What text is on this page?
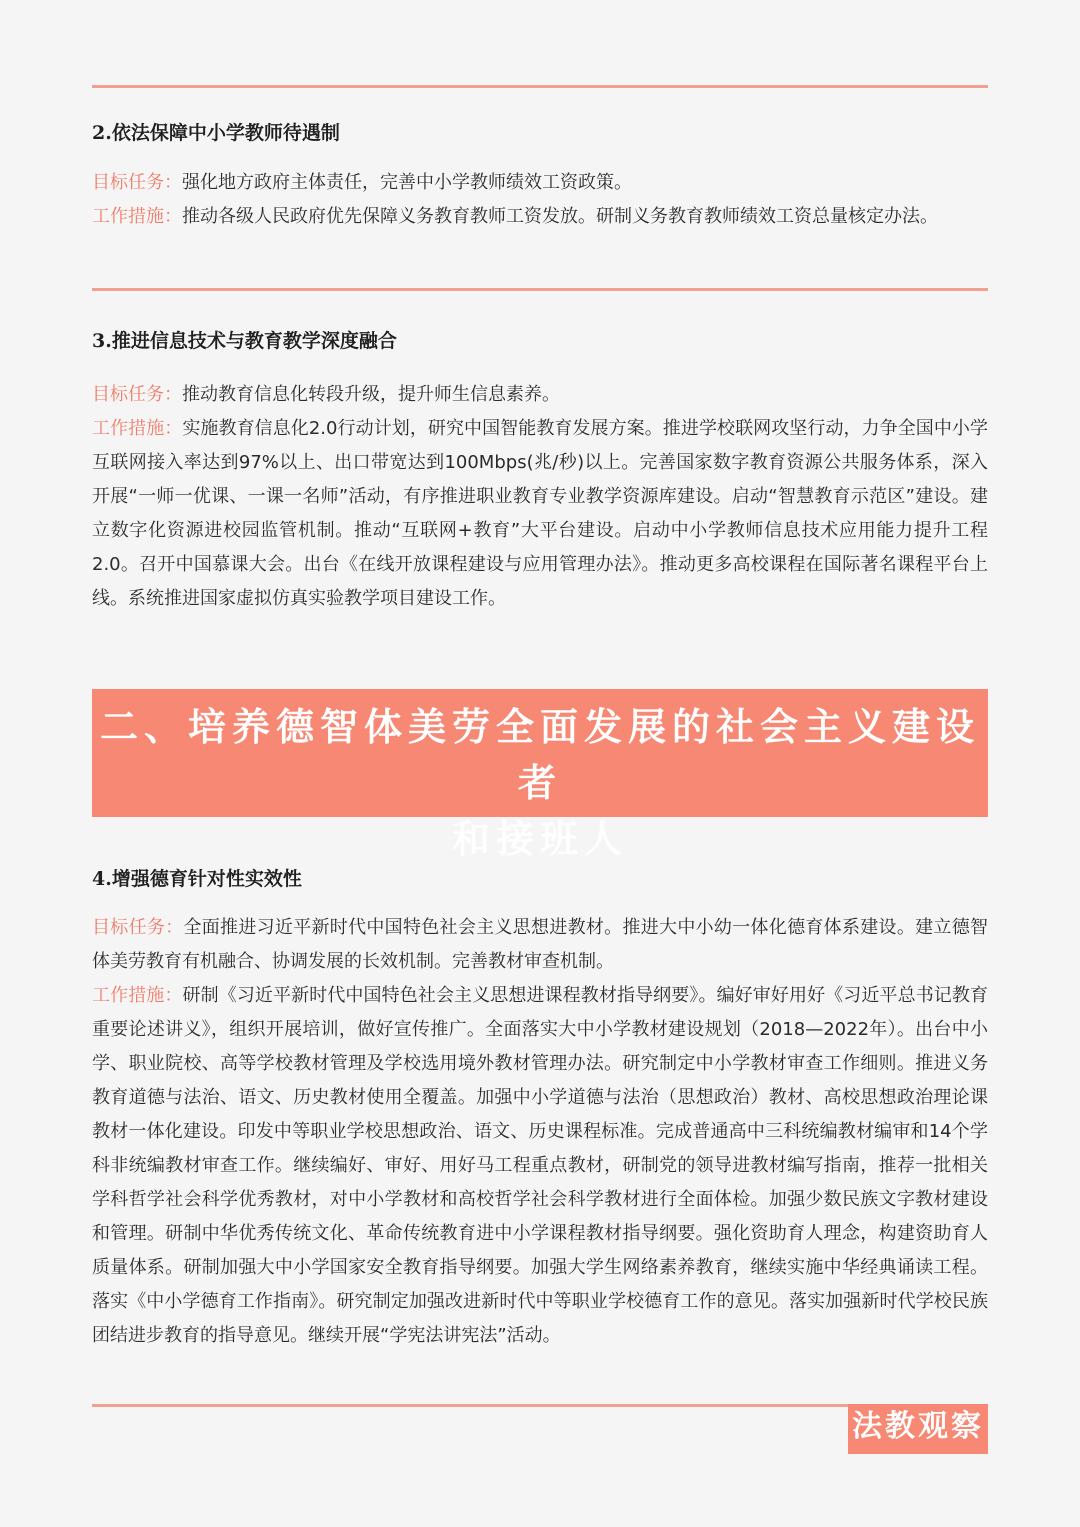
2.依法保障中小学教师待遇制
目标任务：强化地方政府主体责任，完善中小学教师绩效工资政策。
工作措施：推动各级人民政府优先保障义务教育教师工资发放。研制义务教育教师绩效工资总量核定办法。
3.推进信息技术与教育教学深度融合
目标任务：推动教育信息化转段升级，提升师生信息素养。
工作措施：实施教育信息化2.0行动计划，研究中国智能教育发展方案。推进学校联网攻坚行动，力争全国中小学互联网接入率达到97%以上、出口带宽达到100Mbps(兆/秒)以上。完善国家数字教育资源公共服务体系，深入开展“一师一优课、一课一名师”活动，有序推进职业教育专业教学资源库建设。启动“智慧教育示范区”建设。建立数字化资源进校园监管机制。推动“互联网+教育”大平台建设。启动中小学教师信息技术应用能力提升工程2.0。召开中国慕课大会。出台《在线开放课程建设与应用管理办法》。推动更多高校课程在国际著名课程平台上线。系统推进国家虚拟仿真实验教学项目建设工作。
二、培养德智体美劳全面发展的社会主义建设者
和接班人
4.增强德育针对性实效性
目标任务：全面推进习近平新时代中国特色社会主义思想进教材。推进大中小幼一体化德育体系建设。建立德智体美劳教育有机融合、协调发展的长效机制。完善教材审查机制。
工作措施：研制《习近平新时代中国特色社会主义思想进课程教材指导纲要》。编好审好用好《习近平总书记教育重要论述讲义》，组织开展培训，做好宣传推广。全面落实大中小学教材建设规划（2018—2022年）。出台中小学、职业院校、高等学校教材管理及学校选用境外教材管理办法。研究制定中小学教材审查工作细则。推进义务教育道德与法治、语文、历史教材使用全覆盖。加强中小学道德与法治（思想政治）教材、高校思想政治理论课教材一体化建设。印发中等职业学校思想政治、语文、历史课程标准。完成普通高中三科统编教材编审和14个学科非统编教材审查工作。继续编好、审好、用好马工程重点教材，研制党的领导进教材编写指南，推荐一批相关学科哲学社会科学优秀教材，对中小学教材和高校哲学社会科学教材进行全面体检。加强少数民族文字教材建设和管理。研制中华优秀传统文化、革命传统教育进中小学课程教材指导纲要。强化资助育人理念，构建资助育人质量体系。研制加强大中小学国家安全教育指导纲要。加强大学生网络素养教育，继续实施中华经典诵读工程。落实《中小学德育工作指南》。研究制定加强改进新时代中等职业学校德育工作的意见。落实加强新时代学校民族团结进步教育的指导意见。继续开展“学宪法讲宪法”活动。
法教观察
